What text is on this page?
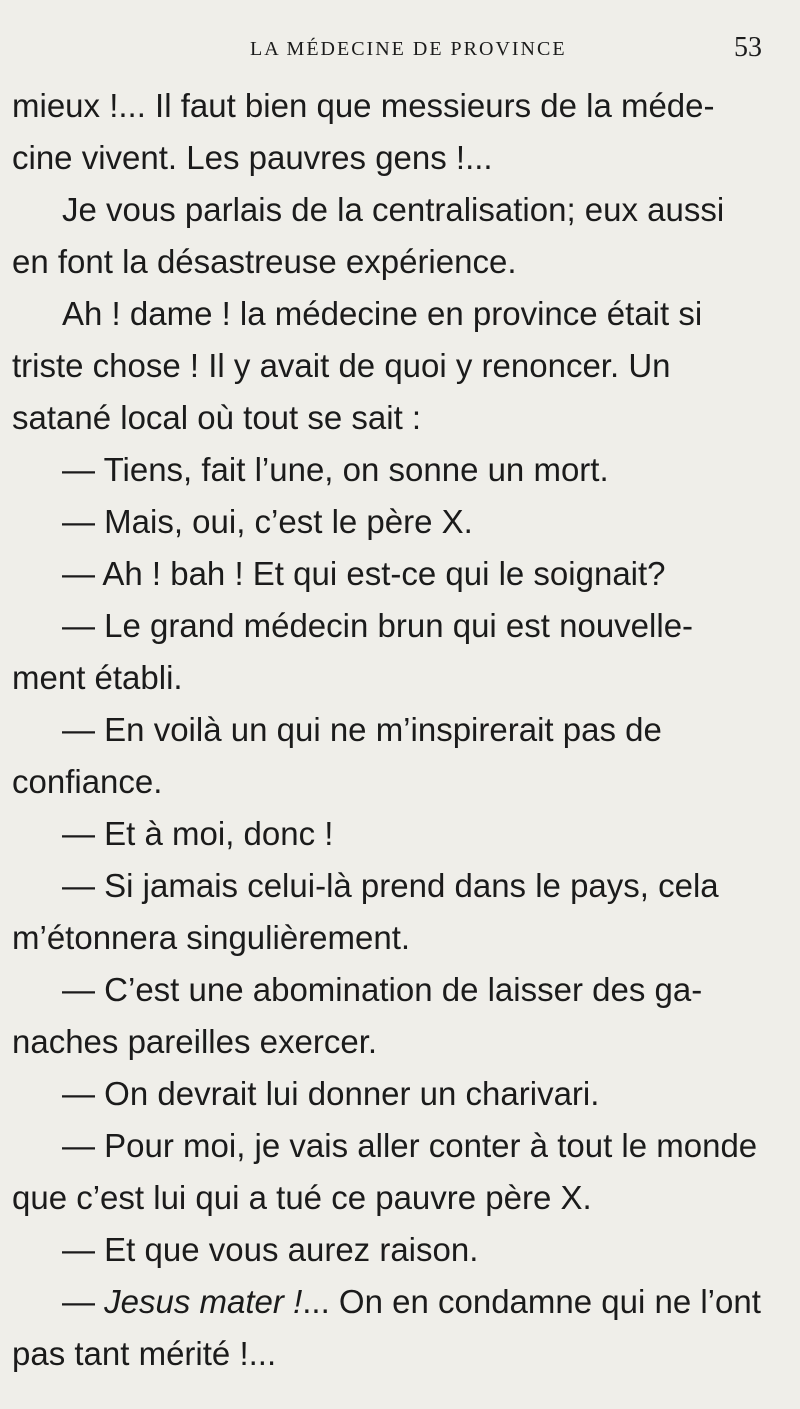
LA MÉDECINE DE PROVINCE	53
mieux !... Il faut bien que messieurs de la méde-
cine vivent. Les pauvres gens !...
Je vous parlais de la centralisation; eux aussi
en font la désastreuse expérience.
Ah ! dame ! la médecine en province était si
triste chose ! Il y avait de quoi y renoncer. Un
satané local où tout se sait :
— Tiens, fait l’une, on sonne un mort.
— Mais, oui, c’est le père X.
— Ah ! bah ! Et qui est-ce qui le soignait?
— Le grand médecin brun qui est nouvelle-
ment établi.
— En voilà un qui ne m’inspirerait pas de
confiance.
— Et à moi, donc !
— Si jamais celui-là prend dans le pays, cela
m’étonnera singulièrement.
— C’est une abomination de laisser des ga-
naches pareilles exercer.
— On devrait lui donner un charivari.
— Pour moi, je vais aller conter à tout le monde
que c’est lui qui a tué ce pauvre père X.
— Et que vous aurez raison.
— Jesus mater !... On en condamne qui ne l’ont
pas tant mérité !...
